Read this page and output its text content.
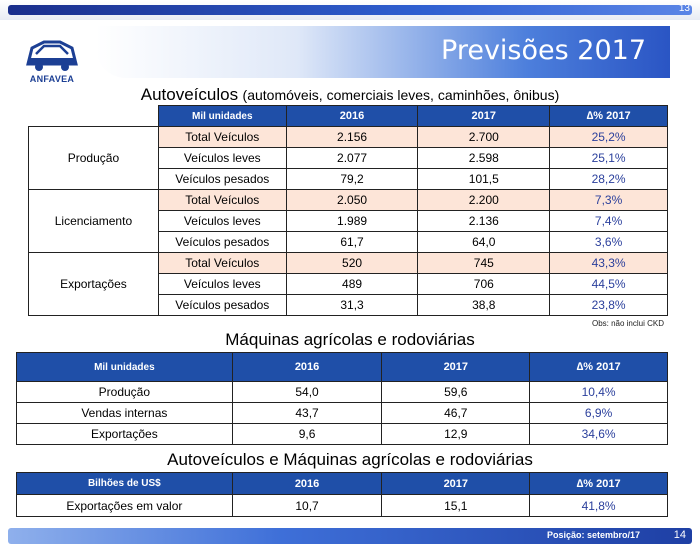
13
ANFAVEA
Previsões 2017
Autoveículos (automóveis, comerciais leves, caminhões, ônibus)
	Mil unidades	2016	2017	∆% 2017
Produção	Total Veículos	2.156	2.700	25,2%
	Veículos leves	2.077	2.598	25,1%
	Veículos pesados	79,2	101,5	28,2%
Licenciamento	Total Veículos	2.050	2.200	7,3%
	Veículos leves	1.989	2.136	7,4%
	Veículos pesados	61,7	64,0	3,6%
Exportações	Total Veículos	520	745	43,3%
	Veículos leves	489	706	44,5%
	Veículos pesados	31,3	38,8	23,8%
Obs: não inclui CKD
Máquinas agrícolas e rodoviárias
Mil unidades	2016	2017	∆% 2017
Produção	54,0	59,6	10,4%
Vendas internas	43,7	46,7	6,9%
Exportações	9,6	12,9	34,6%
Autoveículos e Máquinas agrícolas e rodoviárias
Bilhões de US$	2016	2017	∆% 2017
Exportações em valor	10,7	15,1	41,8%
Posição: setembro/17	14
